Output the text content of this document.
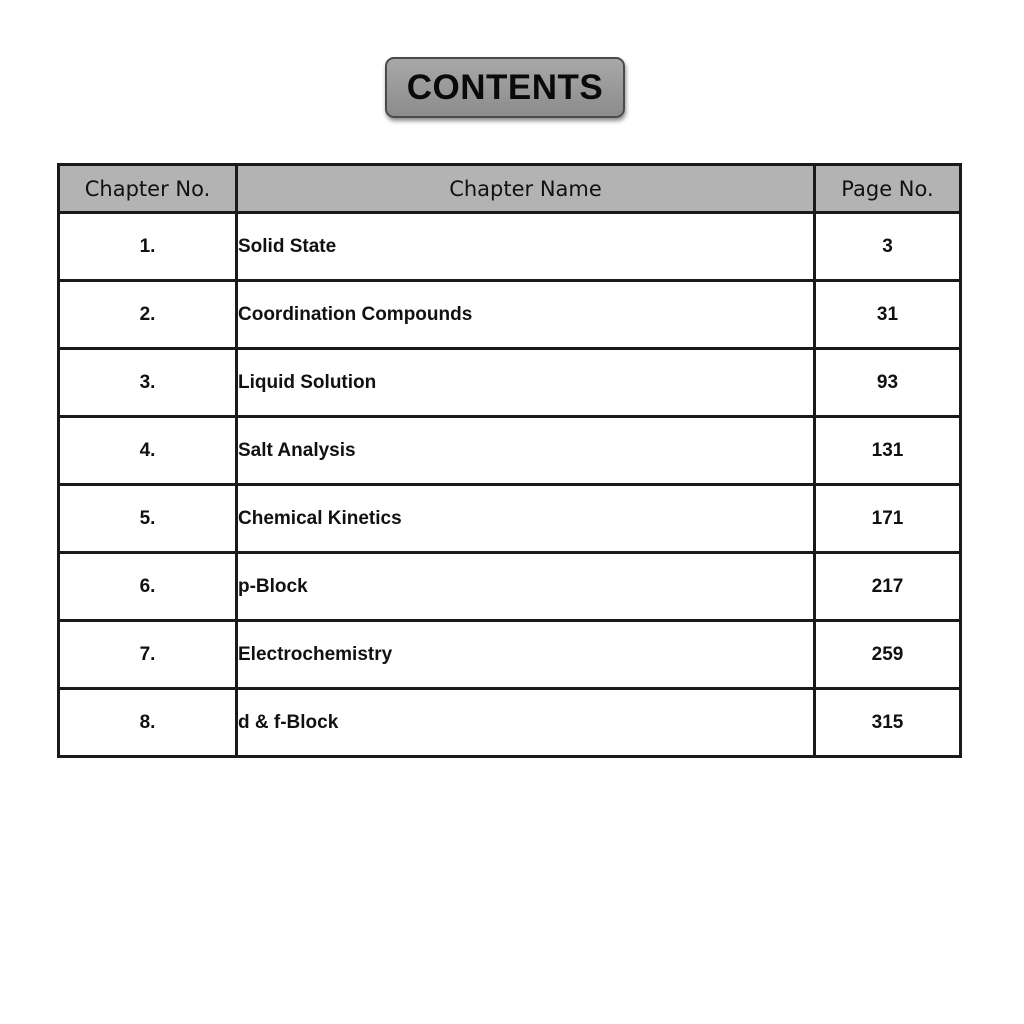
CONTENTS
Chapter No.	Chapter Name	Page No.
1.	Solid State	3
2.	Coordination Compounds	31
3.	Liquid Solution	93
4.	Salt Analysis	131
5.	Chemical Kinetics	171
6.	p-Block	217
7.	Electrochemistry	259
8.	d & f-Block	315
